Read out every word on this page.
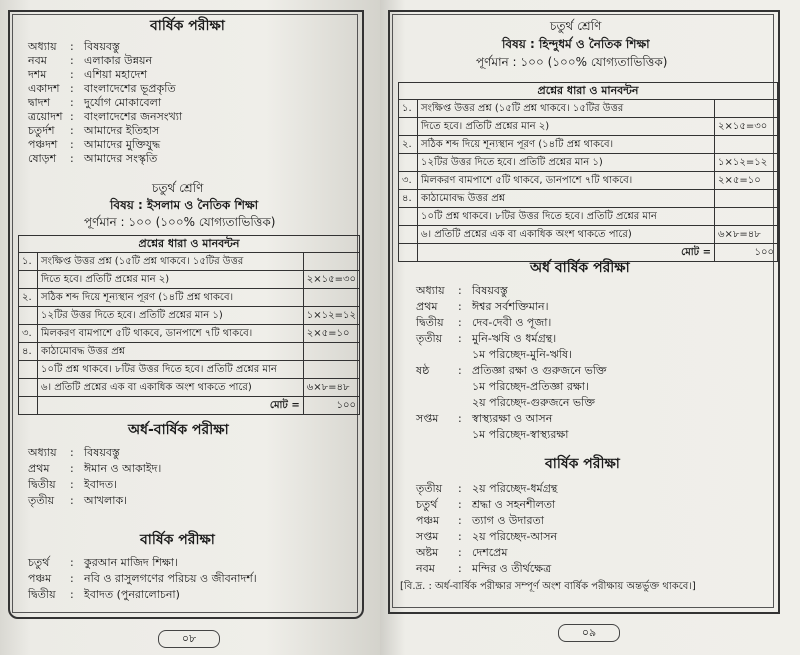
বার্ষিক পরীক্ষা
অধ্যায় : বিষয়বস্তু
নবম : এলাকার উন্নয়ন
দশম : এশিয়া মহাদেশ
একাদশ : বাংলাদেশের ভূপ্রকৃতি
দ্বাদশ : দুর্যোগ মোকাবেলা
ত্রয়োদশ : বাংলাদেশের জনসংখ্যা
চতুর্দশ : আমাদের ইতিহাস
পঞ্চদশ : আমাদের মুক্তিযুদ্ধ
ষোড়শ : আমাদের সংস্কৃতি
চতুর্থ শ্রেণি
বিষয় : ইসলাম ও নৈতিক শিক্ষা
পূর্ণমান : ১০০ (১০০% যোগ্যতাভিত্তিক)
প্রশ্নের ধারা ও মানবন্টন
১.	সংক্ষিপ্ত উত্তর প্রশ্ন (১৫টি প্রশ্ন থাকবে। ১৫টির উত্তর	
	দিতে হবে। প্রতিটি প্রশ্নের মান ২)	২×১৫=৩০
২.	সঠিক শব্দ দিয়ে শূন্যস্থান পূরণ (১৪টি প্রশ্ন থাকবে।	
	১২টির উত্তর দিতে হবে। প্রতিটি প্রশ্নের মান ১)	১×১২=১২
৩.	মিলকরণ বামপাশে ৫টি থাকবে, ডানপাশে ৭টি থাকবে।	২×৫=১০
৪.	কাঠামোবদ্ধ উত্তর প্রশ্ন	
	১০টি প্রশ্ন থাকবে। ৮টির উত্তর দিতে হবে। প্রতিটি প্রশ্নের মান	
	৬। প্রতিটি প্রশ্নের এক বা একাধিক অংশ থাকতে পারে)	৬×৮=৪৮
	মোট =	১০০
অর্ধ-বার্ষিক পরীক্ষা
অধ্যায় : বিষয়বস্তু
প্রথম : ঈমান ও আকাইদ।
দ্বিতীয় : ইবাদত।
তৃতীয় : আখলাক।
বার্ষিক পরীক্ষা
চতুর্থ : কুরআন মাজিদ শিক্ষা।
পঞ্চম : নবি ও রাসুলগণের পরিচয় ও জীবনাদর্শ।
দ্বিতীয় : ইবাদত (পুনরালোচনা)
০৮
চতুর্থ শ্রেণি
বিষয় : হিন্দুধর্ম ও নৈতিক শিক্ষা
পূর্ণমান : ১০০ (১০০% যোগ্যতাভিত্তিক)
প্রশ্নের ধারা ও মানবন্টন
১.	সংক্ষিপ্ত উত্তর প্রশ্ন (১৫টি প্রশ্ন থাকবে। ১৫টির উত্তর	
	দিতে হবে। প্রতিটি প্রশ্নের মান ২)	২×১৫=৩০
২.	সঠিক শব্দ দিয়ে শূন্যস্থান পূরণ (১৪টি প্রশ্ন থাকবে।	
	১২টির উত্তর দিতে হবে। প্রতিটি প্রশ্নের মান ১)	১×১২=১২
৩.	মিলকরণ বামপাশে ৫টি থাকবে, ডানপাশে ৭টি থাকবে।	২×৫=১০
৪.	কাঠামোবদ্ধ উত্তর প্রশ্ন	
	১০টি প্রশ্ন থাকবে। ৮টির উত্তর দিতে হবে। প্রতিটি প্রশ্নের মান	
	৬। প্রতিটি প্রশ্নের এক বা একাধিক অংশ থাকতে পারে)	৬×৮=৪৮
	মোট =	১০০
অর্ধ বার্ষিক পরীক্ষা
অধ্যায় : বিষয়বস্তু
প্রথম : ঈশ্বর সর্বশক্তিমান।
দ্বিতীয় : দেব-দেবী ও পূজা।
তৃতীয় : মুনি-ঋষি ও ধর্মগ্রন্থ।
১ম পরিচ্ছেদ-মুনি-ঋষি।
ষষ্ঠ	: প্রতিজ্ঞা রক্ষা ও গুরুজনে ভক্তি
১ম পরিচ্ছেদ-প্রতিজ্ঞা রক্ষা।
২য় পরিচ্ছেদ-গুরুজনে ভক্তি
সপ্তম : স্বাস্থ্যরক্ষা ও আসন
১ম পরিচ্ছেদ-স্বাস্থ্যরক্ষা
বার্ষিক পরীক্ষা
তৃতীয় : ২য় পরিচ্ছেদ-ধর্মগ্রন্থ
চতুর্থ : শ্রদ্ধা ও সহনশীলতা
পঞ্চম : ত্যাগ ও উদারতা
সপ্তম : ২য় পরিচ্ছেদ-আসন
অষ্টম : দেশপ্রেম
নবম : মন্দির ও তীর্থক্ষেত্র
[বি.দ্র. : অর্ধ-বার্ষিক পরীক্ষার সম্পূর্ণ অংশ বার্ষিক পরীক্ষায় অন্তর্ভুক্ত থাকবে।]
০৯
